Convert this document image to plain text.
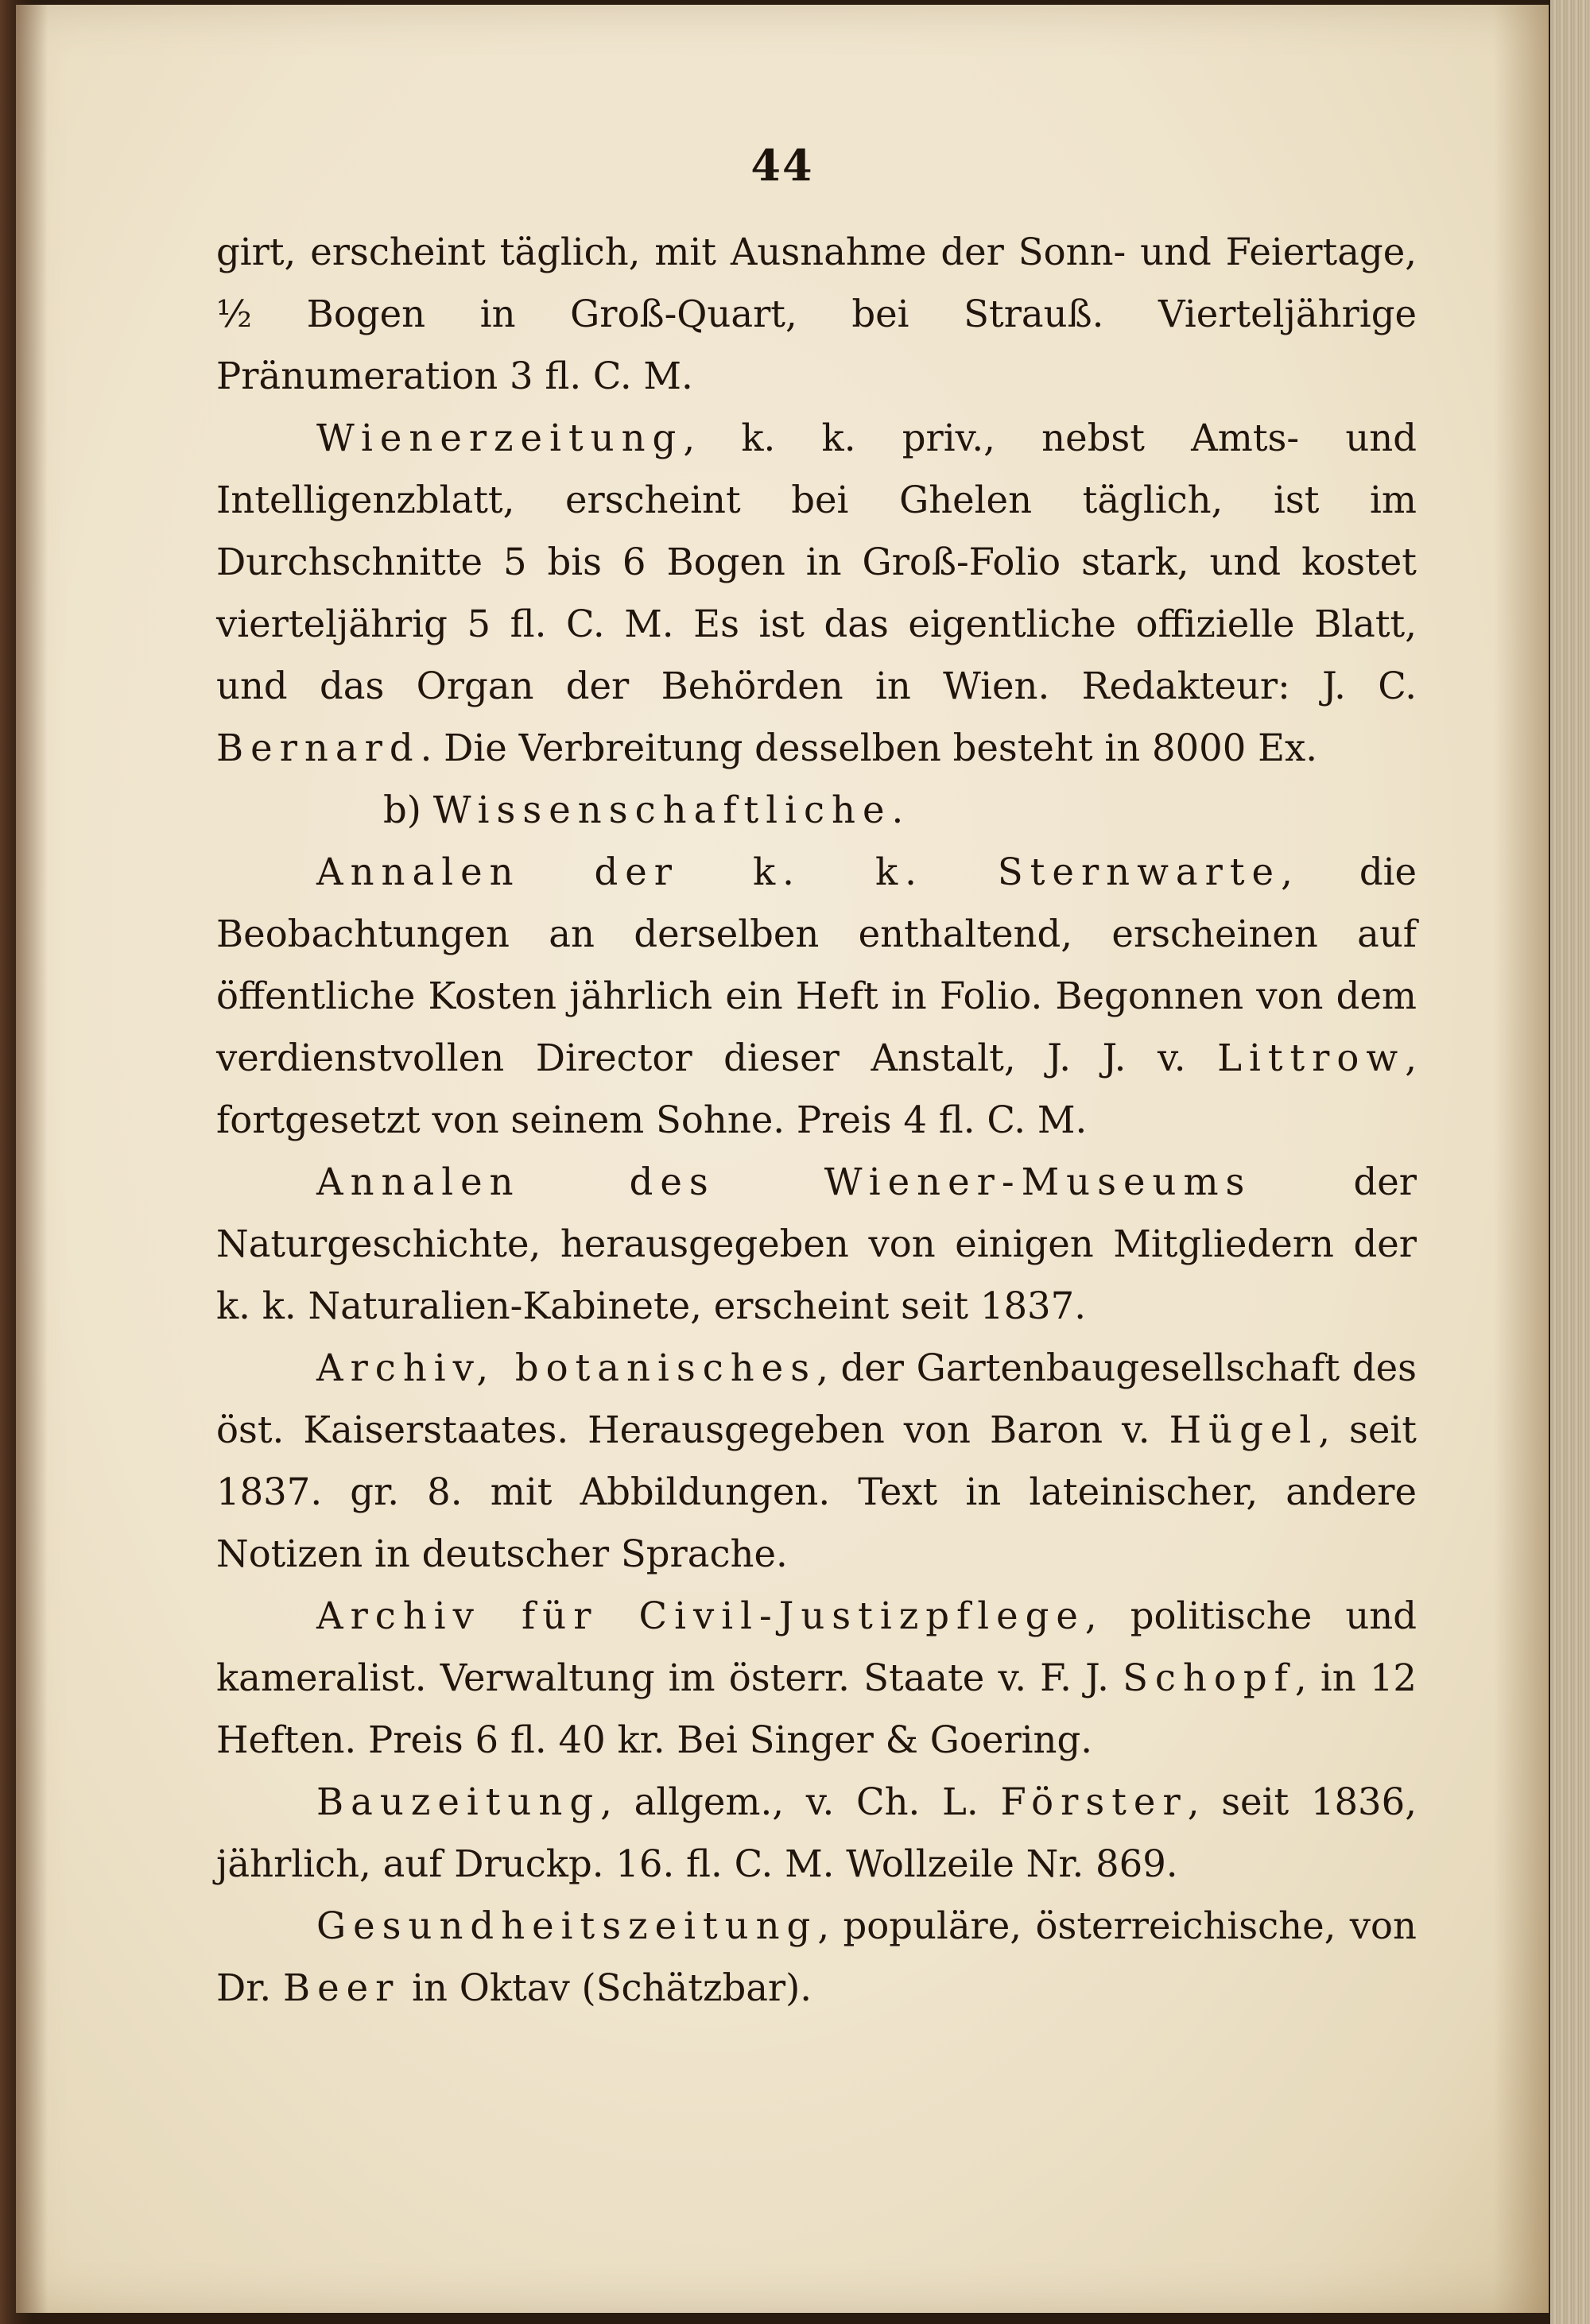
44

girt, erscheint täglich, mit Ausnahme der Sonn- und Feiertage, ½ Bogen in Groß-Quart, bei Strauß. Vierteljährige Pränumeration 3 fl. C. M.

Wienerzeitung, k. k. priv., nebst Amts- und Intelligenzblatt, erscheint bei Ghelen täglich, ist im Durchschnitte 5 bis 6 Bogen in Groß-Folio stark, und kostet vierteljährig 5 fl. C. M. Es ist das eigentliche offizielle Blatt, und das Organ der Behörden in Wien. Redakteur: J. C. Bernard. Die Verbreitung desselben besteht in 8000 Ex.

b) Wissenschaftliche.

Annalen der k. k. Sternwarte, die Beobachtungen an derselben enthaltend, erscheinen auf öffentliche Kosten jährlich ein Heft in Folio. Begonnen von dem verdienstvollen Director dieser Anstalt, J. J. v. Littrow, fortgesetzt von seinem Sohne. Preis 4 fl. C. M.

Annalen des Wiener-Museums der Naturgeschichte, herausgegeben von einigen Mitgliedern der k. k. Naturalien-Kabinete, erscheint seit 1837.

Archiv, botanisches, der Gartenbaugesellschaft des öst. Kaiserstaates. Herausgegeben von Baron v. Hügel, seit 1837. gr. 8. mit Abbildungen. Text in lateinischer, andere Notizen in deutscher Sprache.

Archiv für Civil-Justizpflege, politische und kameralist. Verwaltung im österr. Staate v. F. J. Schopf, in 12 Heften. Preis 6 fl. 40 kr. Bei Singer & Goering.

Bauzeitung, allgem., v. Ch. L. Förster, seit 1836, jährlich, auf Druckp. 16. fl. C. M. Wollzeile Nr. 869.

Gesundheitszeitung, populäre, österreichische, von Dr. Beer in Oktav (Schätzbar).
